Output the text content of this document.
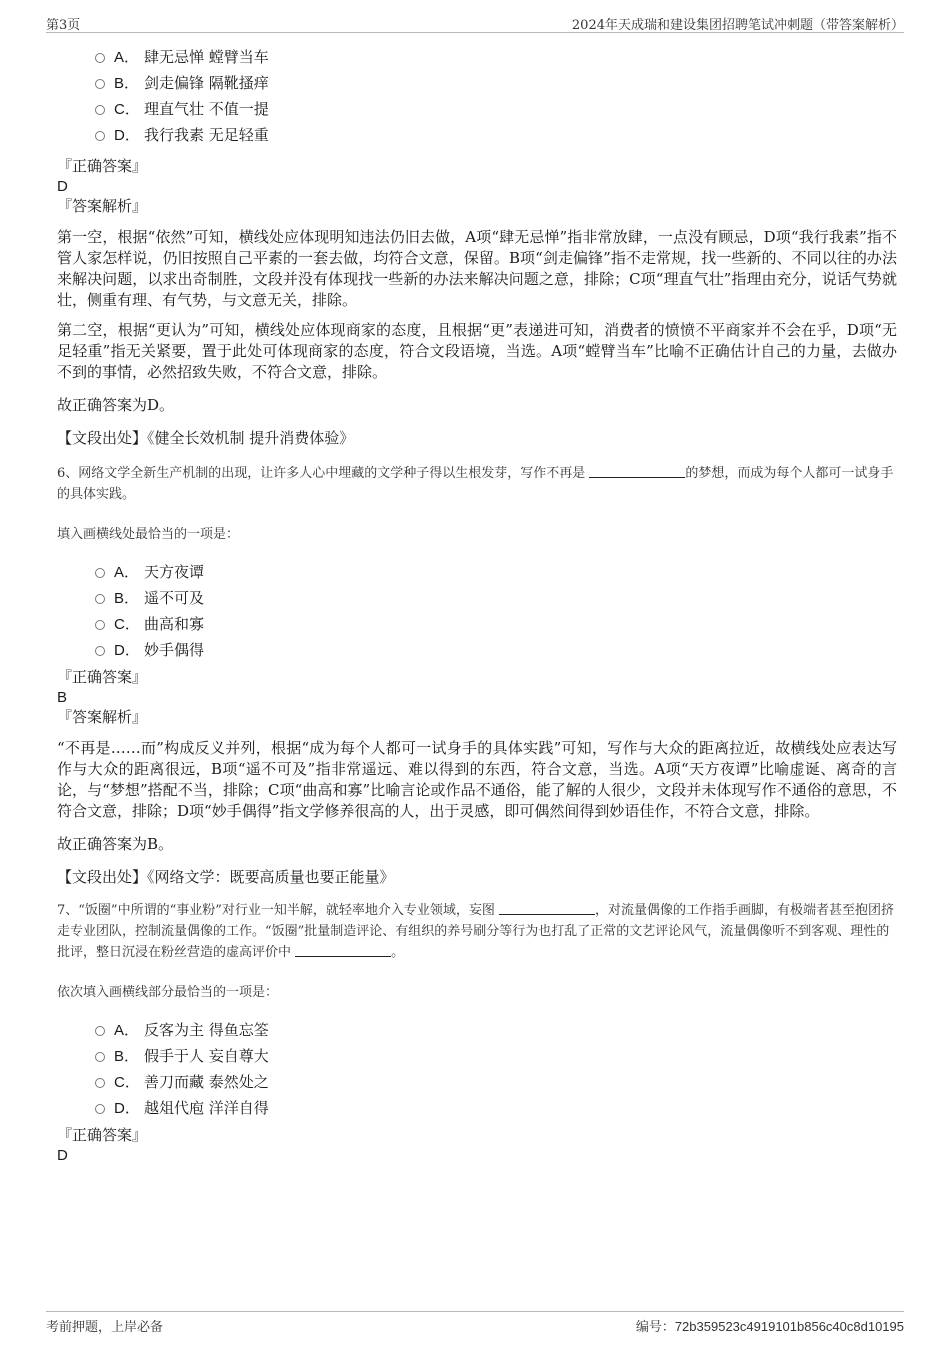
第3页	2024年天成瑞和建设集团招聘笔试冲刺题（带答案解析）
A． 肆无忌惮 螳臂当车
B． 剑走偏锋 隔靴搔痒
C． 理直气壮 不值一提
D． 我行我素 无足轻重
『正确答案』
D
『答案解析』

第一空，根据“依然”可知，横线处应体现明知违法仍旧去做，A项“肆无忌惮”指非常放肆，一点没有顾忌，D项“我行我素”指不管人家怎样说，仍旧按照自己平素的一套去做，均符合文意，保留。B项“剑走偏锋”指不走常规，找一些新的、不同以往的办法来解决问题，以求出奇制胜，文段并没有体现找一些新的办法来解决问题之意，排除；C项“理直气壮”指理由充分，说话气势就壮，侧重有理、有气势，与文意无关，排除。

第二空，根据“更认为”可知，横线处应体现商家的态度，且根据“更”表递进可知，消费者的愤愤不平商家并不会在乎，D项“无足轻重”指无关紧要，置于此处可体现商家的态度，符合文段语境，当选。A项“螳臂当车”比喻不正确估计自己的力量，去做办不到的事情，必然招致失败，不符合文意，排除。

故正确答案为D。

【文段出处】《健全长效机制 提升消费体验》

6、网络文学全新生产机制的出现，让许多人心中埋藏的文学种子得以生根发芽，写作不再是	的梦想，而成为每个人都可一试身手的具体实践。

填入画横线处最恰当的一项是：

A． 天方夜谭
B． 遥不可及
C． 曲高和寡
D． 妙手偶得
『正确答案』
B
『答案解析』

“不再是……而”构成反义并列，根据“成为每个人都可一试身手的具体实践”可知，写作与大众的距离拉近，故横线处应表达写作与大众的距离很远，B项“遥不可及”指非常遥远、难以得到的东西，符合文意，当选。A项“天方夜谭”比喻虚诞、离奇的言论，与“梦想”搭配不当，排除；C项“曲高和寡”比喻言论或作品不通俗，能了解的人很少，文段并未体现写作不通俗的意思，不符合文意，排除；D项“妙手偶得”指文学修养很高的人，出于灵感，即可偶然间得到妙语佳作，不符合文意，排除。

故正确答案为B。

【文段出处】《网络文学：既要高质量也要正能量》

7、“饭圈”中所谓的“事业粉”对行业一知半解，就轻率地介入专业领域，妄图	，对流量偶像的工作指手画脚，有极端者甚至抱团挤走专业团队，控制流量偶像的工作。“饭圈”批量制造评论、有组织的养号刷分等行为也打乱了正常的文艺评论风气，流量偶像听不到客观、理性的批评，整日沉浸在粉丝营造的虚高评价中	。

依次填入画横线部分最恰当的一项是：

A． 反客为主 得鱼忘筌
B． 假手于人 妄自尊大
C． 善刀而藏 泰然处之
D． 越俎代庖 洋洋自得
『正确答案』
D
考前押题，上岸必备	编号：72b359523c4919101b856c40c8d10195
